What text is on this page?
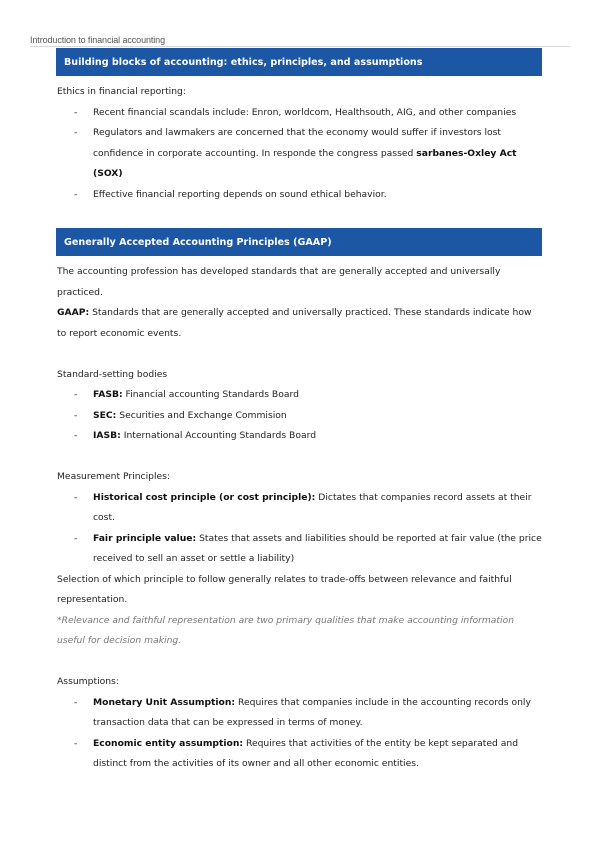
Introduction to financial accounting
Building blocks of accounting: ethics, principles, and assumptions

Ethics in financial reporting:

- Recent financial scandals include: Enron, worldcom, Healthsouth, AIG, and other companies
- Regulators and lawmakers are concerned that the economy would suffer if investors lost confidence in corporate accounting. In responde the congress passed sarbanes-Oxley Act (SOX)
- Effective financial reporting depends on sound ethical behavior.
Generally Accepted Accounting Principles (GAAP)

The accounting profession has developed standards that are generally accepted and universally practiced.

GAAP: Standards that are generally accepted and universally practiced. These standards indicate how to report economic events.

Standard-setting bodies

- FASB: Financial accounting Standards Board
- SEC: Securities and Exchange Commision
- IASB: International Accounting Standards Board

Measurement Principles:

- Historical cost principle (or cost principle): Dictates that companies record assets at their cost.
- Fair principle value: States that assets and liabilities should be reported at fair value (the price received to sell an asset or settle a liability)

Selection of which principle to follow generally relates to trade-offs between relevance and faithful representation.

*Relevance and faithful representation are two primary qualities that make accounting information useful for decision making.

Assumptions:

- Monetary Unit Assumption: Requires that companies include in the accounting records only transaction data that can be expressed in terms of money.
- Economic entity assumption: Requires that activities of the entity be kept separated and distinct from the activities of its owner and all other economic entities.
